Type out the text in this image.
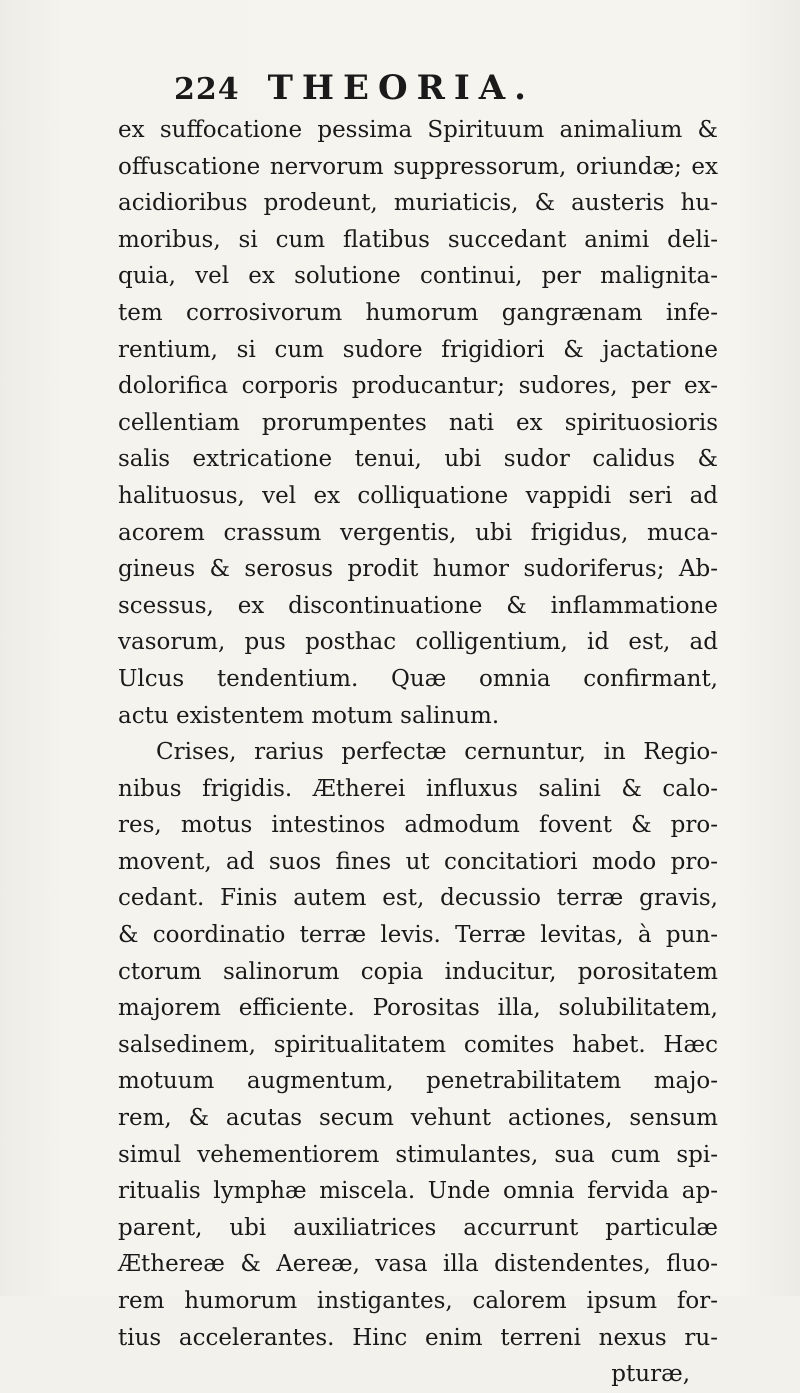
224 THEORIA.
ex suffocatione pessima Spirituum animalium &
offuscatione nervorum suppressorum, oriundæ; ex
acidioribus prodeunt, muriaticis, & austeris hu-
moribus, si cum flatibus succedant animi deli-
quia, vel ex solutione continui, per malignita-
tem corrosivorum humorum gangrænam infe-
rentium, si cum sudore frigidiori & jactatione
dolorifica corporis producantur; sudores, per ex-
cellentiam prorumpentes nati ex spirituosioris
salis extricatione tenui, ubi sudor calidus &
halituosus, vel ex colliquatione vappidi seri ad
acorem crassum vergentis, ubi frigidus, muca-
gineus & serosus prodit humor sudoriferus; Ab-
scessus, ex discontinuatione & inflammatione
vasorum, pus posthac colligentium, id est, ad
Ulcus tendentium. Quæ omnia confirmant,
actu existentem motum salinum.
Crises, rarius perfectæ cernuntur, in Regio-
nibus frigidis. Ætherei influxus salini & calo-
res, motus intestinos admodum fovent & pro-
movent, ad suos fines ut concitatiori modo pro-
cedant. Finis autem est, decussio terræ gravis,
& coordinatio terræ levis. Terræ levitas, à pun-
ctorum salinorum copia inducitur, porositatem
majorem efficiente. Porositas illa, solubilitatem,
salsedinem, spiritualitatem comites habet. Hæc
motuum augmentum, penetrabilitatem majo-
rem, & acutas secum vehunt actiones, sensum
simul vehementiorem stimulantes, sua cum spi-
ritualis lymphæ miscela. Unde omnia fervida ap-
parent, ubi auxiliatrices accurrunt particulæ
Æthereæ & Aereæ, vasa illa distendentes, fluo-
rem humorum instigantes, calorem ipsum for-
tius accelerantes. Hinc enim terreni nexus ru-
pturæ,
